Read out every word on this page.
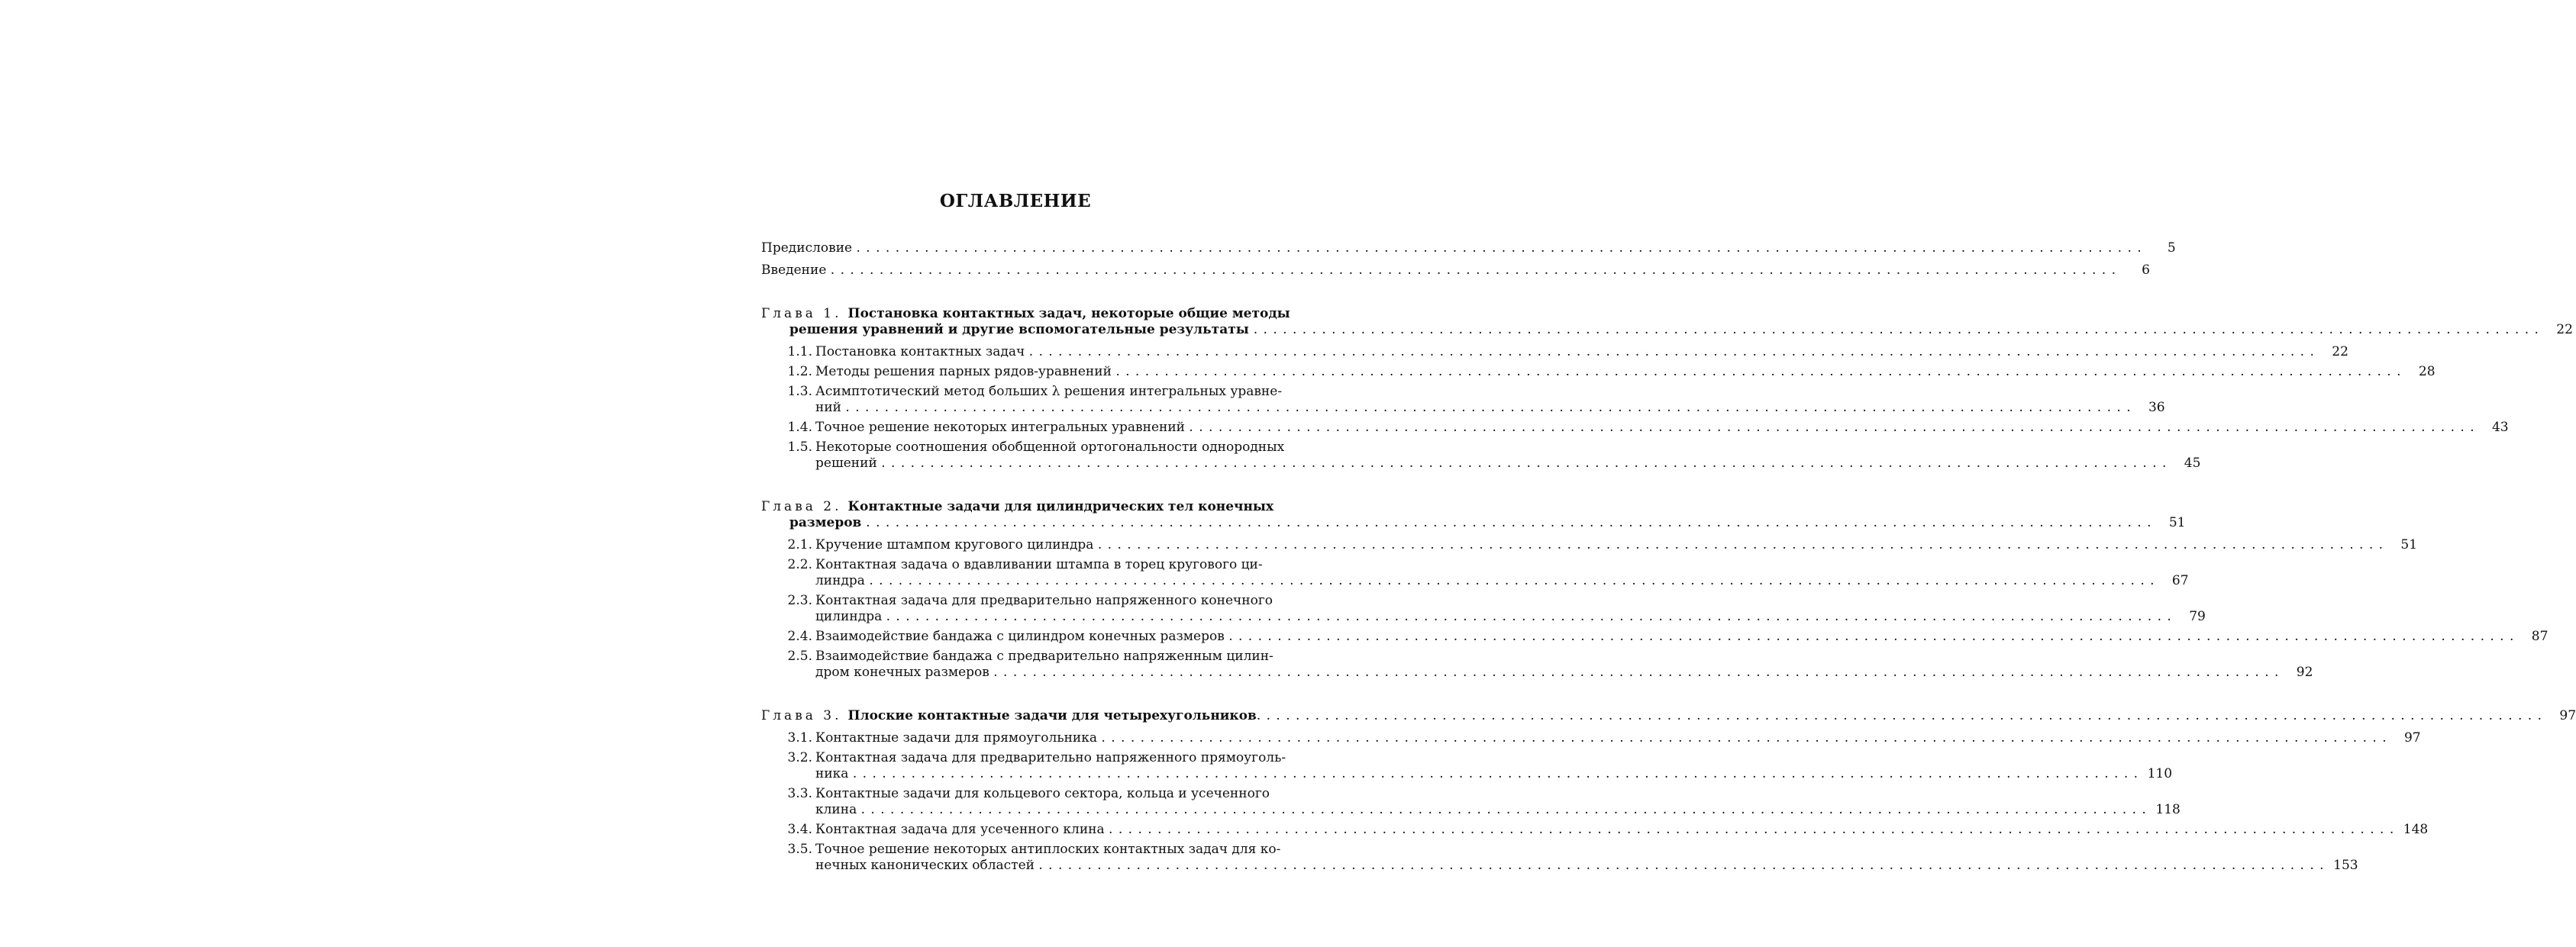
ОГЛАВЛЕНИЕ
Предисловие . . .	5
Введение . . .	6
Глава 1. Постановка контактных задач, некоторые общие методы
решения уравнений и другие вспомогательные результаты . . .	22
1.1. Постановка контактных задач . . .	22
1.2. Методы решения парных рядов-уравнений . . .	28
1.3. Асимптотический метод больших λ решения интегральных уравне-
ний . . .	36
1.4. Точное решение некоторых интегральных уравнений . . .	43
1.5. Некоторые соотношения обобщенной ортогональности однородных
решений . . .	45
Глава 2. Контактные задачи для цилиндрических тел конечных
размеров . . .	51
2.1. Кручение штампом кругового цилиндра . . .	51
2.2. Контактная задача о вдавливании штампа в торец кругового ци-
линдра . . .	67
2.3. Контактная задача для предварительно напряженного конечного
цилиндра . . .	79
2.4. Взаимодействие бандажа с цилиндром конечных размеров . . .	87
2.5. Взаимодействие бандажа с предварительно напряженным цилин-
дром конечных размеров . . .	92
Глава 3. Плоские контактные задачи для четырехугольников . . .	97
3.1. Контактные задачи для прямоугольника . . .	97
3.2. Контактная задача для предварительно напряженного прямоуголь-
ника . . .	110
3.3. Контактные задачи для кольцевого сектора, кольца и усеченного
клина . . .	118
3.4. Контактная задача для усеченного клина . . .	148
3.5. Точное решение некоторых антиплоских контактных задач для ко-
нечных канонических областей . . .	153
